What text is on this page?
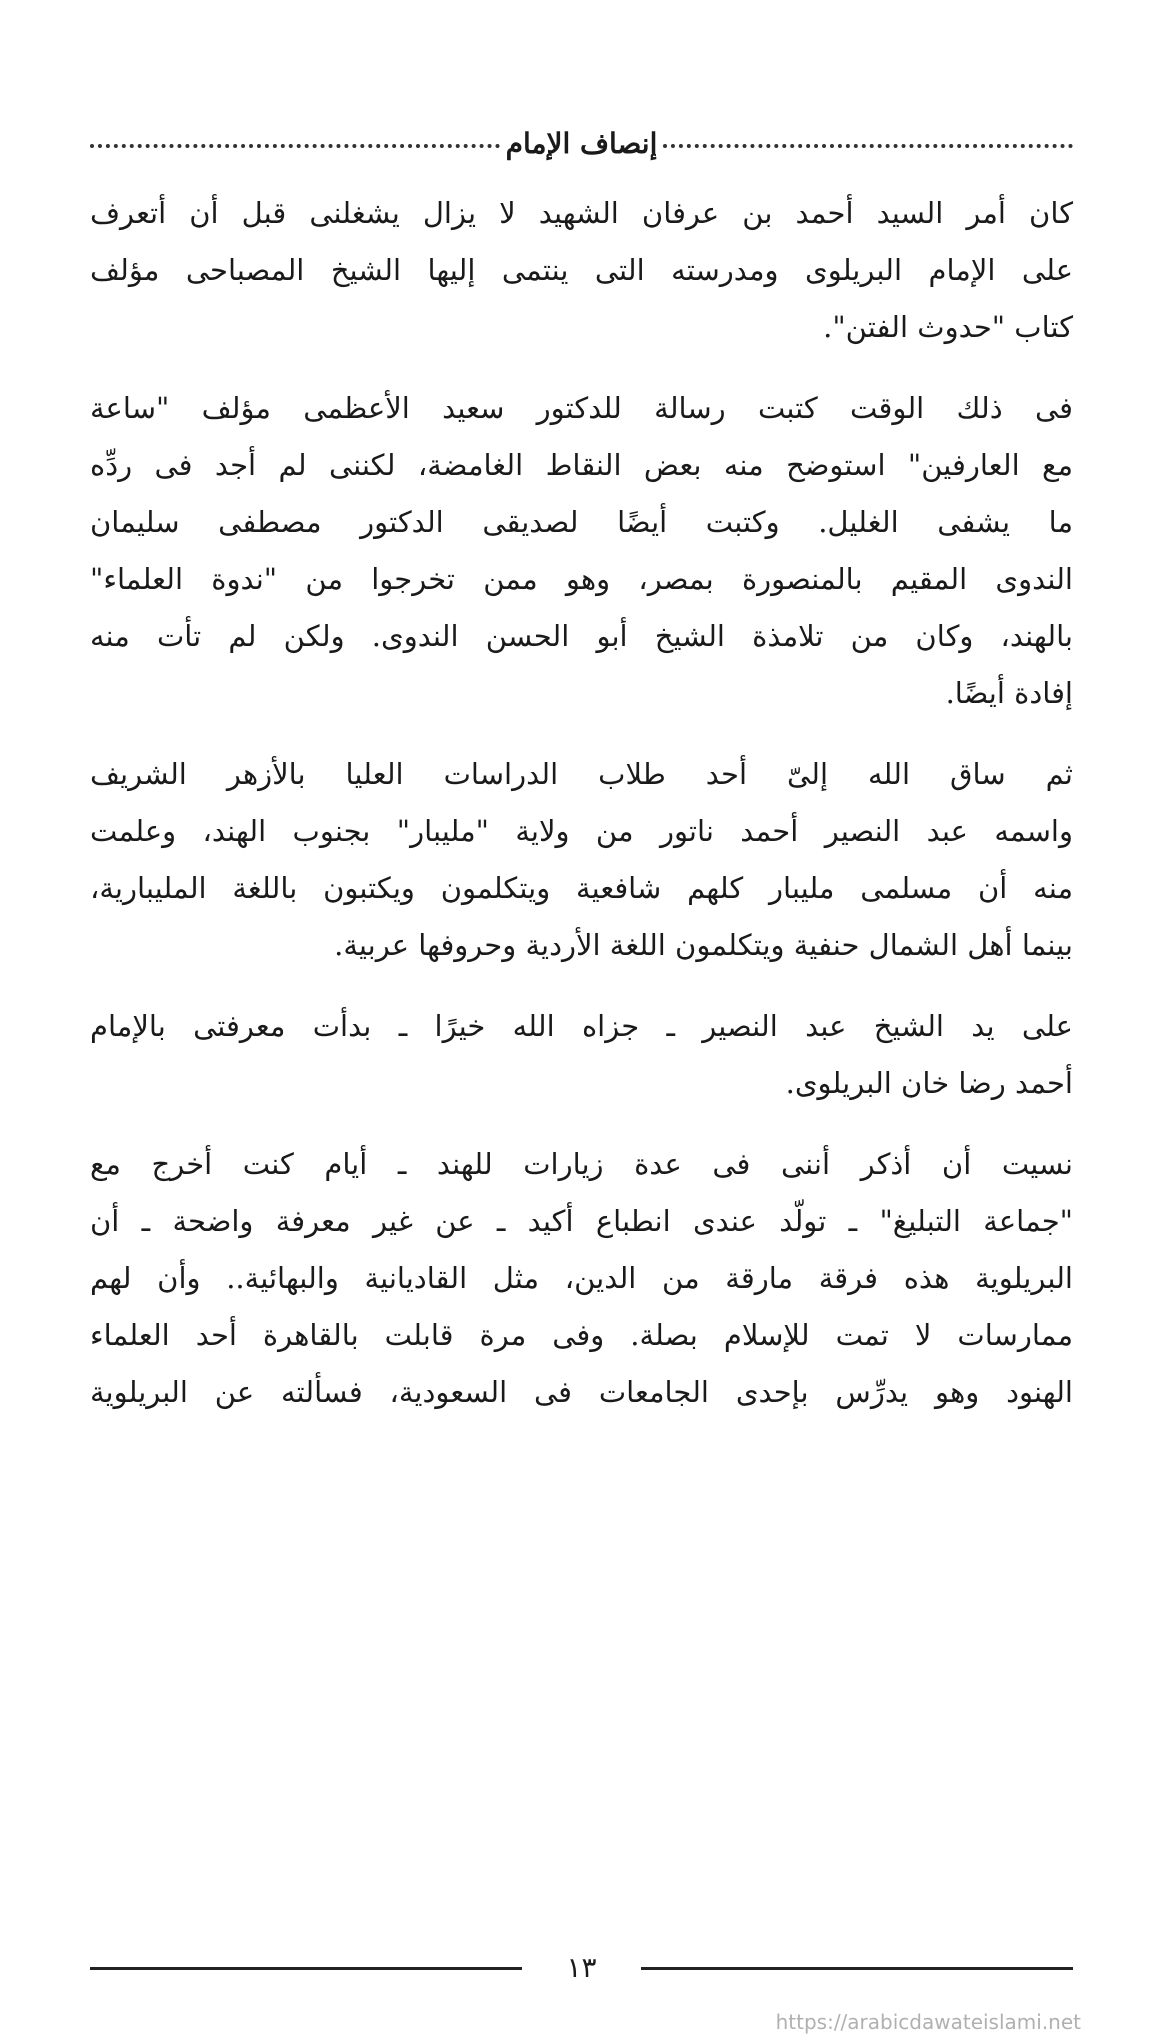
إنصاف الإمام

كان أمر السيد أحمد بن عرفان الشهيد لا يزال يشغلنى قبل أن أتعرف
على الإمام البريلوى ومدرسته التى ينتمى إليها الشيخ المصباحى مؤلف
كتاب "حدوث الفتن".

فى ذلك الوقت كتبت رسالة للدكتور سعيد الأعظمى مؤلف "ساعة
مع العارفين" استوضح منه بعض النقاط الغامضة، لكننى لم أجد فى ردِّه
ما يشفى الغليل. وكتبت أيضًا لصديقى الدكتور مصطفى سليمان
الندوى المقيم بالمنصورة بمصر، وهو ممن تخرجوا من "ندوة العلماء"
بالهند، وكان من تلامذة الشيخ أبو الحسن الندوى. ولكن لم تأت منه
إفادة أيضًا.

ثم ساق الله إلىّ أحد طلاب الدراسات العليا بالأزهر الشريف
واسمه عبد النصير أحمد ناتور من ولاية "مليبار" بجنوب الهند، وعلمت
منه أن مسلمى مليبار كلهم شافعية ويتكلمون ويكتبون باللغة المليبارية،
بينما أهل الشمال حنفية ويتكلمون اللغة الأردية وحروفها عربية.

على يد الشيخ عبد النصير ـ جزاه الله خيرًا ـ بدأت معرفتى بالإمام
أحمد رضا خان البريلوى.

نسيت أن أذكر أننى فى عدة زيارات للهند ـ أيام كنت أخرج مع
"جماعة التبليغ" ـ تولّد عندى انطباع أكيد ـ عن غير معرفة واضحة ـ أن
البريلوية هذه فرقة مارقة من الدين، مثل القاديانية والبهائية.. وأن لهم
ممارسات لا تمت للإسلام بصلة. وفى مرة قابلت بالقاهرة أحد العلماء
الهنود وهو يدرِّس بإحدى الجامعات فى السعودية، فسألته عن البريلوية

١٣
https://arabicdawateislami.net
